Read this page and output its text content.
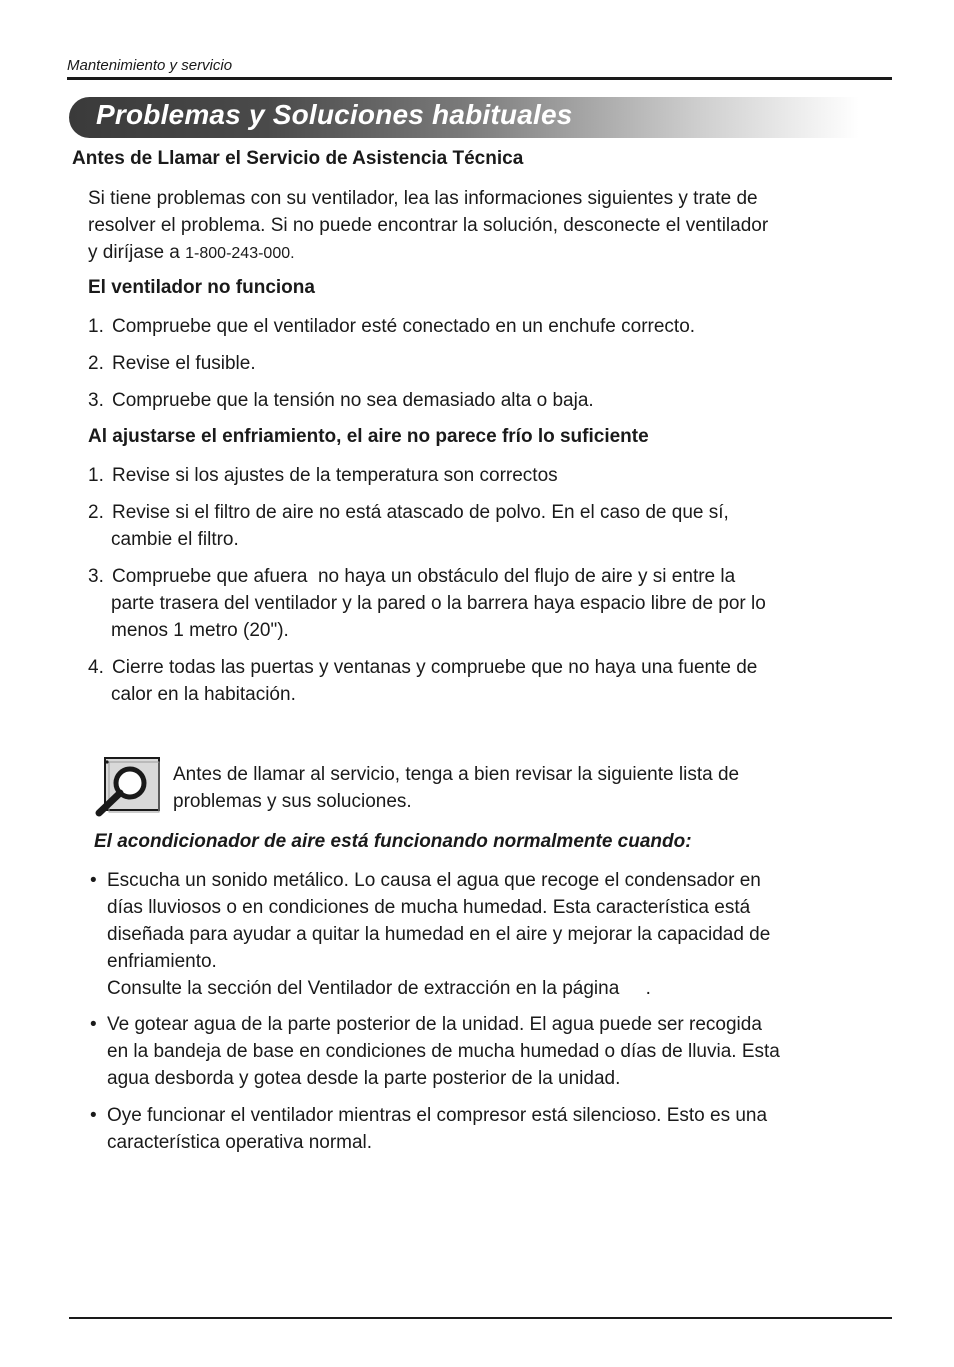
Mantenimiento y servicio
Problemas y Soluciones habituales
Antes de Llamar el Servicio de Asistencia Técnica
Si tiene problemas con su ventilador, lea las informaciones siguientes y trate de
resolver el problema. Si no puede encontrar la solución, desconecte el ventilador
y diríjase a 1-800-243-000.
El ventilador no funciona
1. Compruebe que el ventilador esté conectado en un enchufe correcto.
2. Revise el fusible.
3. Compruebe que la tensión no sea demasiado alta o baja.
Al ajustarse el enfriamiento, el aire no parece frío lo suficiente
1. Revise si los ajustes de la temperatura son correctos
2. Revise si el filtro de aire no está atascado de polvo. En el caso de que sí,
cambie el filtro.
3. Compruebe que afuera  no haya un obstáculo del flujo de aire y si entre la
parte trasera del ventilador y la pared o la barrera haya espacio libre de por lo
menos 1 metro (20").
4. Cierre todas las puertas y ventanas y compruebe que no haya una fuente de
calor en la habitación.
Antes de llamar al servicio, tenga a bien revisar la siguiente lista de
problemas y sus soluciones.
El acondicionador de aire está funcionando normalmente cuando:
• Escucha un sonido metálico. Lo causa el agua que recoge el condensador en
días lluviosos o en condiciones de mucha humedad. Esta característica está
diseñada para ayudar a quitar la humedad en el aire y mejorar la capacidad de
enfriamiento.
Consulte la sección del Ventilador de extracción en la página     .
• Ve gotear agua de la parte posterior de la unidad. El agua puede ser recogida
en la bandeja de base en condiciones de mucha humedad o días de lluvia. Esta
agua desborda y gotea desde la parte posterior de la unidad.
• Oye funcionar el ventilador mientras el compresor está silencioso. Esto es una
característica operativa normal.
